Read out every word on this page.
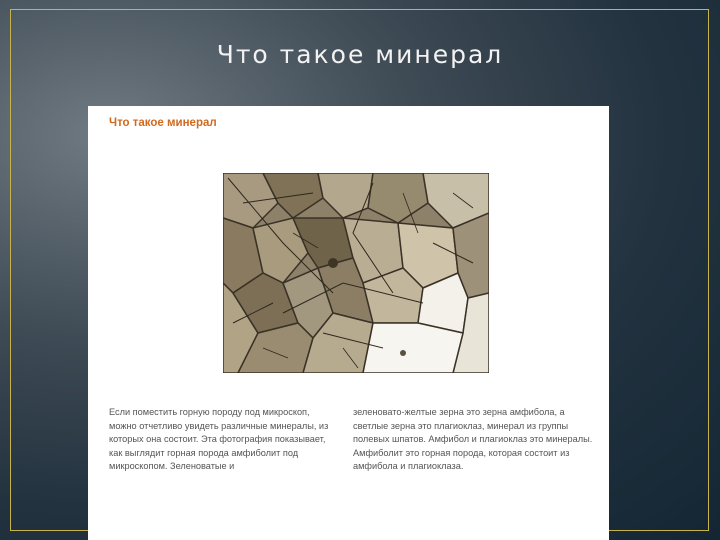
Что такое минерал
Что такое минерал
Если поместить горную породу под микроскоп, можно отчетливо увидеть различные минералы, из которых она состоит. Эта фотография показывает, как выглядит горная порода амфиболит под микроскопом. Зеленоватые и
зеленовато-желтые зерна это зерна амфибола, а светлые зерна это плагиоклаз, минерал из группы полевых шпатов. Амфибол и плагиоклаз это минералы. Амфиболит это горная порода, которая состоит из амфибола и плагиоклаза.
